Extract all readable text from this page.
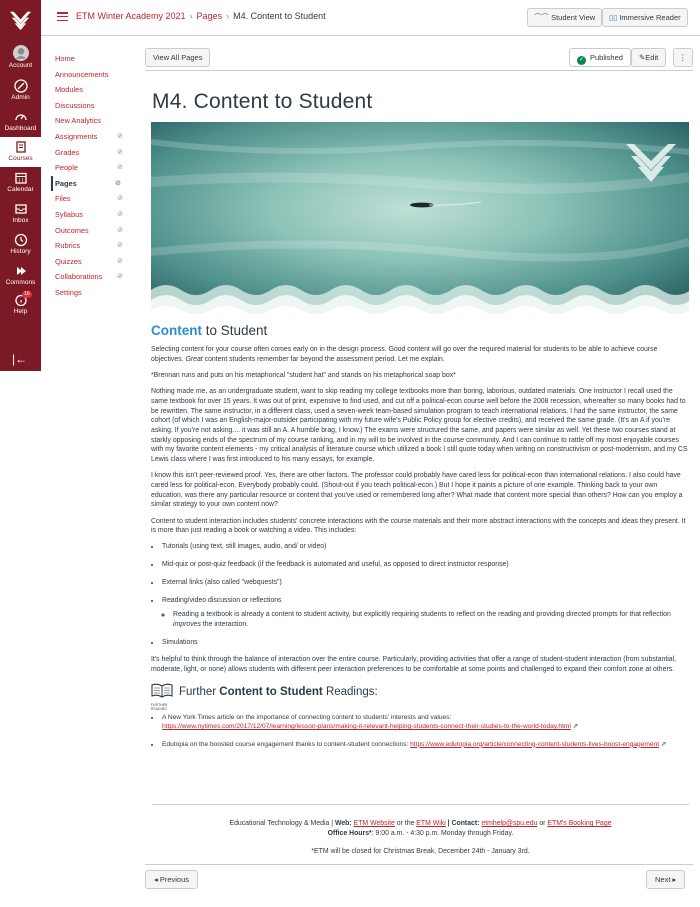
Account
Admin
Dashboard
Courses
Calendar
Inbox
History
Commons
10
Help
|←
ETM Winter Academy 2021 › Pages › M4. Content to Student	⌒⌒ Student View	▯▯ Immersive Reader
Home
Announcements
Modules
Discussions
New Analytics
Assignments	⊘
Grades	⊘
People	⊘
Pages	⊘
Files	⊘
Syllabus	⊘
Outcomes	⊘
Rubrics	⊘
Quizzes	⊘
Collaborations ⊘
Settings
View All Pages	✓ Published	✎Edit	⋮
M4. Content to Student
Content to Student

Selecting content for your course often comes early on in the design process. Good content will go over the required material for students to be able to achieve course objectives. Great content students remember far beyond the assessment period. Let me explain.

*Brennan runs and puts on his metaphorical "student hat" and stands on his metaphorical soap box*

Nothing made me, as an undergraduate student, want to skip reading my college textbooks more than boring, laborious, outdated materials. One instructor I recall used the same textbook for over 15 years. It was out of print, expensive to find used, and cut off a political-econ course well before the 2008 recession, whereafter so many books had to be rewritten. The same instructor, in a different class, used a seven-week team-based simulation program to teach international relations. I had the same instructor, the same cohort (of which I was an English-major-outsider participating with my future wife's Public Policy group for elective credits), and received the same grade. (It's an A if you're asking. If you're not asking.... it was still an A. A humble brag, I know.) The exams were structured the same, and papers were similar as well. Yet these two courses stand at starkly opposing ends of the spectrum of my course ranking, and in my will to be involved in the course community. And I can continue to rattle off my most enjoyable courses with my favorite content elements - my critical analysis of literature course which utilized a book I still quote today when writing on constructivism or post-modernism, and my CS Lewis class where I was first introduced to his many essays, for example.

I know this isn't peer-reviewed proof. Yes, there are other factors. The professor could probably have cared less for political-econ than international relations. I also could have cared less for political-econ. Everybody probably could. (Shout-out if you teach political-econ.) But I hope it paints a picture of one example. Thinking back to your own education, was there any particular resource or content that you've used or remembered long after? What made that content more special than others? How can you employ a similar strategy to your own content now?

Content to student interaction includes students' concrete interactions with the course materials and their more abstract interactions with the concepts and ideas they present. It is more than just reading a book or watching a video. This includes:

• Tutorials (using text, still images, audio, and/ or video)
• Mid-quiz or post-quiz feedback (if the feedback is automated and useful, as opposed to direct instructor response)
• External links (also called "webquests")
• Reading/video discussion or reflections
◦ Reading a textbook is already a content to student activity, but explicitly requiring students to reflect on the reading and providing directed prompts for that reflection improves the interaction.
• Simulations

It's helpful to think through the balance of interaction over the entire course. Particularly, providing activities that offer a range of student-student interaction (from substantial, moderate, light, or none) allows students with different peer interaction preferences to be comfortable at some points and challenged to expand their comfort zone at others.

Further Content to Student Readings:
FURTHER READING
• A New York Times article on the importance of connecting content to students' interests and values:
https://www.nytimes.com/2017/12/07/learning/lesson-plans/making-it-relevant-helping-students-connect-their-studies-to-the-world-today.html ⇗
• Edutopia on the boosted course engagement thanks to content-student connections: https://www.edutopia.org/article/connecting-content-students-lives-boost-engagement ⇗
Educational Technology & Media | Web: ETM Website or the ETM Wiki | Contact: etmhelp@spu.edu or ETM's Booking Page
Office Hours*: 9:00 a.m. - 4:30 p.m. Monday through Friday.
*ETM will be closed for Christmas Break, December 24th - January 3rd.
◂ Previous	Next ▸
